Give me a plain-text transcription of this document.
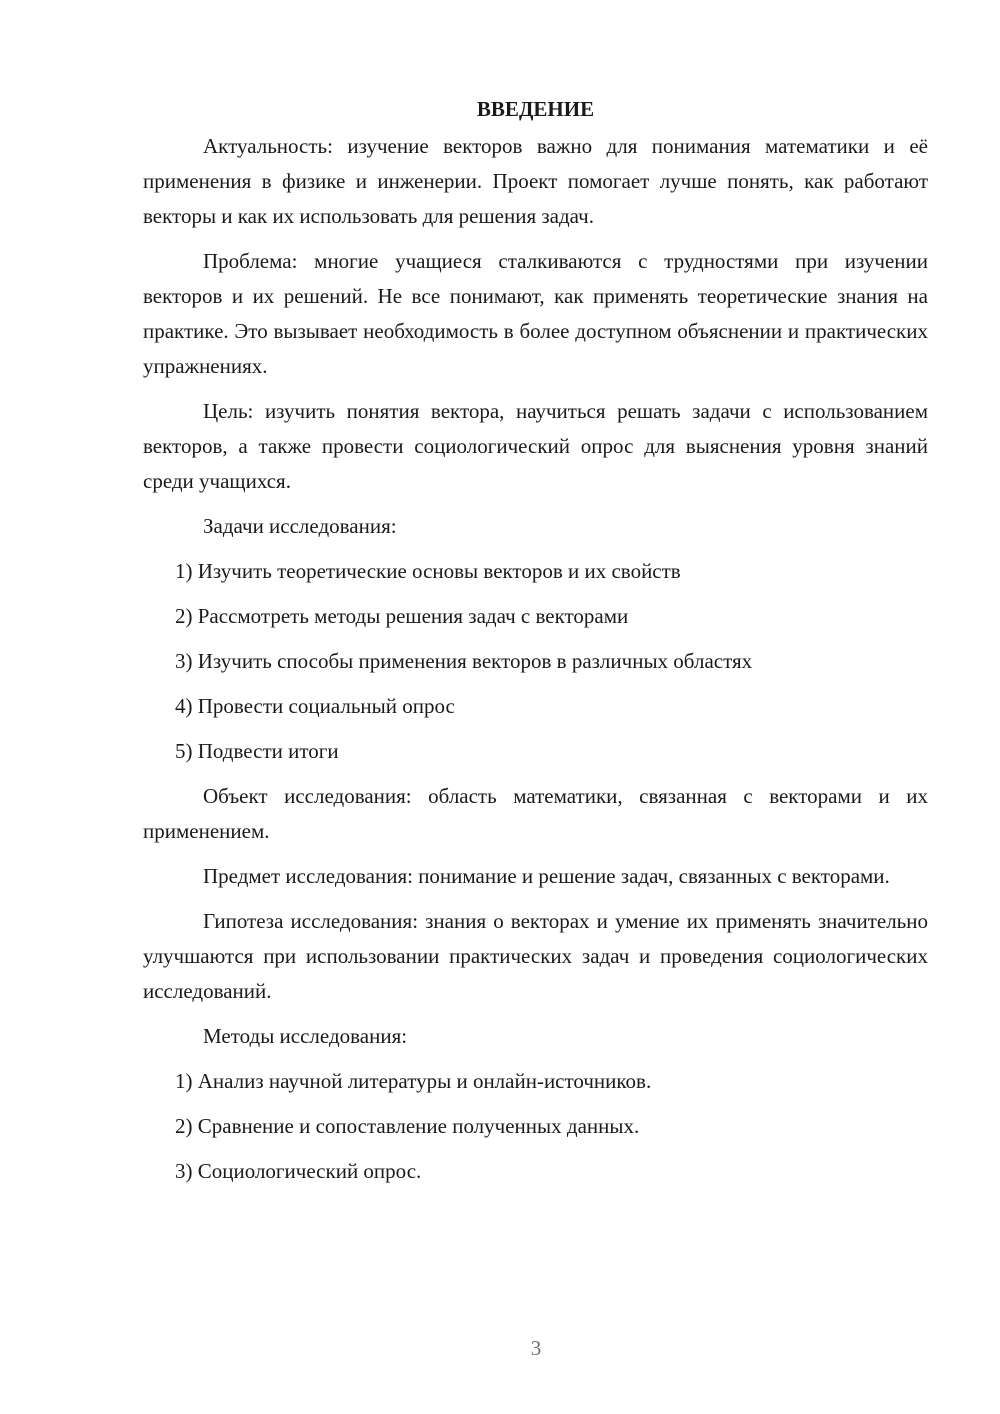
ВВЕДЕНИЕ

Актуальность: изучение векторов важно для понимания математики и её применения в физике и инженерии. Проект помогает лучше понять, как работают векторы и как их использовать для решения задач.

Проблема: многие учащиеся сталкиваются с трудностями при изучении векторов и их решений. Не все понимают, как применять теоретические знания на практике. Это вызывает необходимость в более доступном объяснении и практических упражнениях.

Цель: изучить понятия вектора, научиться решать задачи с использованием векторов, а также провести социологический опрос для выяснения уровня знаний среди учащихся.

Задачи исследования:

1) Изучить теоретические основы векторов и их свойств
2) Рассмотреть методы решения задач с векторами
3) Изучить способы применения векторов в различных областях
4) Провести социальный опрос
5) Подвести итоги

Объект исследования: область математики, связанная с векторами и их применением.

Предмет исследования: понимание и решение задач, связанных с векторами.

Гипотеза исследования: знания о векторах и умение их применять значительно улучшаются при использовании практических задач и проведения социологических исследований.

Методы исследования:

1) Анализ научной литературы и онлайн-источников.
2) Сравнение и сопоставление полученных данных.
3) Социологический опрос.
3
